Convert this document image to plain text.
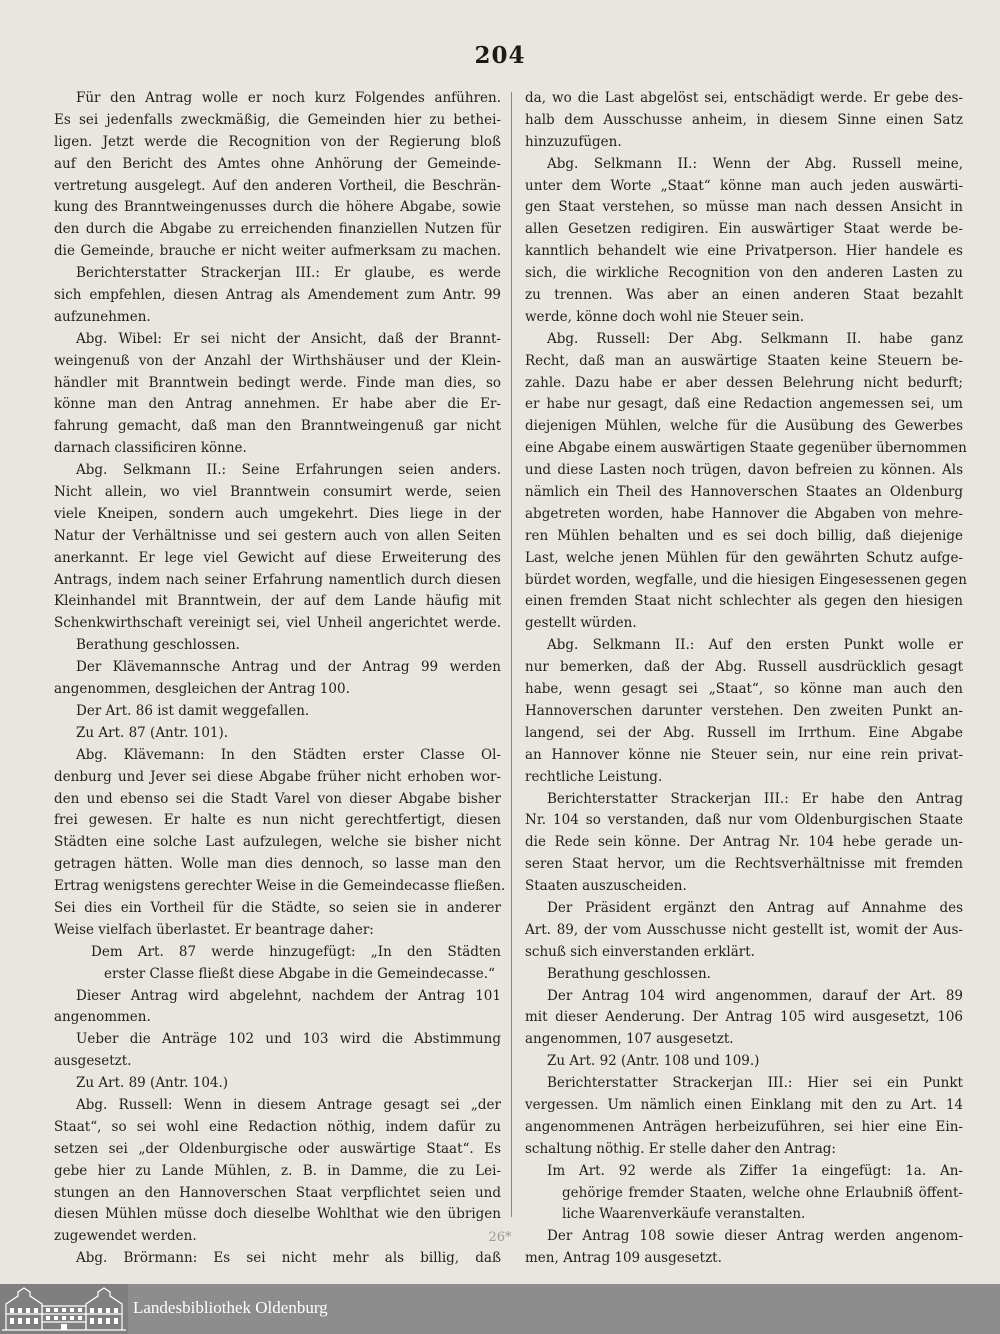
204
Für den Antrag wolle er noch kurz Folgendes anführen.
Es sei jedenfalls zweckmäßig, die Gemeinden hier zu bethei-
ligen. Jetzt werde die Recognition von der Regierung bloß
auf den Bericht des Amtes ohne Anhörung der Gemeinde-
vertretung ausgelegt. Auf den anderen Vortheil, die Beschrän-
kung des Branntweingenusses durch die höhere Abgabe, sowie
den durch die Abgabe zu erreichenden finanziellen Nutzen für
die Gemeinde, brauche er nicht weiter aufmerksam zu machen.
Berichterstatter Strackerjan III.: Er glaube, es werde
sich empfehlen, diesen Antrag als Amendement zum Antr. 99
aufzunehmen.
Abg. Wibel: Er sei nicht der Ansicht, daß der Brannt-
weingenuß von der Anzahl der Wirthshäuser und der Klein-
händler mit Branntwein bedingt werde. Finde man dies, so
könne man den Antrag annehmen. Er habe aber die Er-
fahrung gemacht, daß man den Branntweingenuß gar nicht
darnach classificiren könne.
Abg. Selkmann II.: Seine Erfahrungen seien anders.
Nicht allein, wo viel Branntwein consumirt werde, seien
viele Kneipen, sondern auch umgekehrt. Dies liege in der
Natur der Verhältnisse und sei gestern auch von allen Seiten
anerkannt. Er lege viel Gewicht auf diese Erweiterung des
Antrags, indem nach seiner Erfahrung namentlich durch diesen
Kleinhandel mit Branntwein, der auf dem Lande häufig mit
Schenkwirthschaft vereinigt sei, viel Unheil angerichtet werde.
Berathung geschlossen.
Der Klävemannsche Antrag und der Antrag 99 werden
angenommen, desgleichen der Antrag 100.
Der Art. 86 ist damit weggefallen.
Zu Art. 87 (Antr. 101).
Abg. Klävemann: In den Städten erster Classe Ol-
denburg und Jever sei diese Abgabe früher nicht erhoben wor-
den und ebenso sei die Stadt Varel von dieser Abgabe bisher
frei gewesen. Er halte es nun nicht gerechtfertigt, diesen
Städten eine solche Last aufzulegen, welche sie bisher nicht
getragen hätten. Wolle man dies dennoch, so lasse man den
Ertrag wenigstens gerechter Weise in die Gemeindecasse fließen.
Sei dies ein Vortheil für die Städte, so seien sie in anderer
Weise vielfach überlastet. Er beantrage daher:
Dem Art. 87 werde hinzugefügt: „In den Städten
erster Classe fließt diese Abgabe in die Gemeindecasse.“
Dieser Antrag wird abgelehnt, nachdem der Antrag 101
angenommen.
Ueber die Anträge 102 und 103 wird die Abstimmung
ausgesetzt.
Zu Art. 89 (Antr. 104.)
Abg. Russell: Wenn in diesem Antrage gesagt sei „der
Staat“, so sei wohl eine Redaction nöthig, indem dafür zu
setzen sei „der Oldenburgische oder auswärtige Staat“. Es
gebe hier zu Lande Mühlen, z. B. in Damme, die zu Lei-
stungen an den Hannoverschen Staat verpflichtet seien und
diesen Mühlen müsse doch dieselbe Wohlthat wie den übrigen
zugewendet werden.
Abg. Brörmann: Es sei nicht mehr als billig, daß
da, wo die Last abgelöst sei, entschädigt werde. Er gebe des-
halb dem Ausschusse anheim, in diesem Sinne einen Satz
hinzuzufügen.
Abg. Selkmann II.: Wenn der Abg. Russell meine,
unter dem Worte „Staat“ könne man auch jeden auswärti-
gen Staat verstehen, so müsse man nach dessen Ansicht in
allen Gesetzen redigiren. Ein auswärtiger Staat werde be-
kanntlich behandelt wie eine Privatperson. Hier handele es
sich, die wirkliche Recognition von den anderen Lasten zu
zu trennen. Was aber an einen anderen Staat bezahlt
werde, könne doch wohl nie Steuer sein.
Abg. Russell: Der Abg. Selkmann II. habe ganz
Recht, daß man an auswärtige Staaten keine Steuern be-
zahle. Dazu habe er aber dessen Belehrung nicht bedurft;
er habe nur gesagt, daß eine Redaction angemessen sei, um
diejenigen Mühlen, welche für die Ausübung des Gewerbes
eine Abgabe einem auswärtigen Staate gegenüber übernommen
und diese Lasten noch trügen, davon befreien zu können. Als
nämlich ein Theil des Hannoverschen Staates an Oldenburg
abgetreten worden, habe Hannover die Abgaben von mehre-
ren Mühlen behalten und es sei doch billig, daß diejenige
Last, welche jenen Mühlen für den gewährten Schutz aufge-
bürdet worden, wegfalle, und die hiesigen Eingesessenen gegen
einen fremden Staat nicht schlechter als gegen den hiesigen
gestellt würden.
Abg. Selkmann II.: Auf den ersten Punkt wolle er
nur bemerken, daß der Abg. Russell ausdrücklich gesagt
habe, wenn gesagt sei „Staat“, so könne man auch den
Hannoverschen darunter verstehen. Den zweiten Punkt an-
langend, sei der Abg. Russell im Irrthum. Eine Abgabe
an Hannover könne nie Steuer sein, nur eine rein privat-
rechtliche Leistung.
Berichterstatter Strackerjan III.: Er habe den Antrag
Nr. 104 so verstanden, daß nur vom Oldenburgischen Staate
die Rede sein könne. Der Antrag Nr. 104 hebe gerade un-
seren Staat hervor, um die Rechtsverhältnisse mit fremden
Staaten auszuscheiden.
Der Präsident ergänzt den Antrag auf Annahme des
Art. 89, der vom Ausschusse nicht gestellt ist, womit der Aus-
schuß sich einverstanden erklärt.
Berathung geschlossen.
Der Antrag 104 wird angenommen, darauf der Art. 89
mit dieser Aenderung. Der Antrag 105 wird ausgesetzt, 106
angenommen, 107 ausgesetzt.
Zu Art. 92 (Antr. 108 und 109.)
Berichterstatter Strackerjan III.: Hier sei ein Punkt
vergessen. Um nämlich einen Einklang mit den zu Art. 14
angenommenen Anträgen herbeizuführen, sei hier eine Ein-
schaltung nöthig. Er stelle daher den Antrag:
Im Art. 92 werde als Ziffer 1a eingefügt: 1a. An-
gehörige fremder Staaten, welche ohne Erlaubniß öffent-
liche Waarenverkäufe veranstalten.
Der Antrag 108 sowie dieser Antrag werden angenom-
men, Antrag 109 ausgesetzt.
26*
Landesbibliothek Oldenburg
